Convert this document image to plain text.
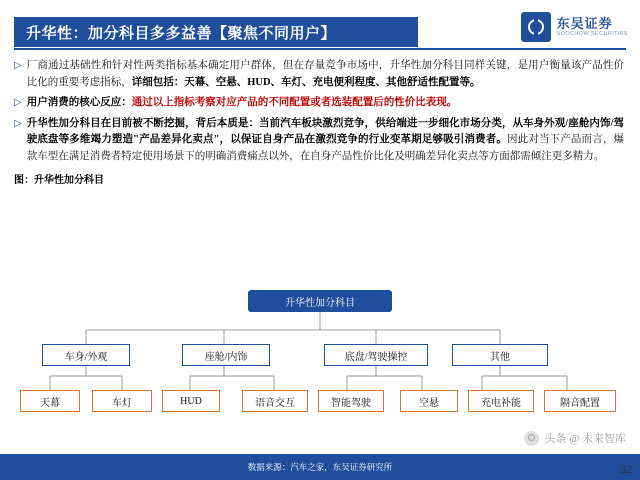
升华性：加分科目多多益善【聚焦不同用户】
东吴证券
SOOCHOW SECURITIES
▷ 厂商通过基础性和针对性两类指标基本确定用户群体，但在存量竞争市场中，升华性加分科目同样关键，是用户衡量该产品性价比化的重要考虑指标，详细包括：天幕、空悬、HUD、车灯、充电便利程度、其他舒适性配置等。
▷ 用户消费的核心反应：通过以上指标考察对应产品的不同配置或者选装配置后的性价比表现。
▷ 升华性加分科目在目前被不断挖掘，背后本质是：当前汽车板块激烈竞争，供给端进一步细化市场分类，从车身外观/座舱内饰/驾驶底盘等多维竭力塑造"产品差异化卖点"，以保证自身产品在激烈竞争的行业变革期足够吸引消费者。因此对当下产品而言，爆款车型在满足消费者特定使用场景下的明确消费痛点以外，在自身产品性价比化及明确差异化卖点等方面都需倾注更多精力。
图：升华性加分科目
升华性加分科目
车身/外观	座舱/内饰	底盘/驾驶操控	其他
天幕	车灯	HUD	语音交互	智能驾驶	空悬	充电补能	隔音配置
头条 @ 未来智库
数据来源：汽车之家，东吴证券研究所	32
